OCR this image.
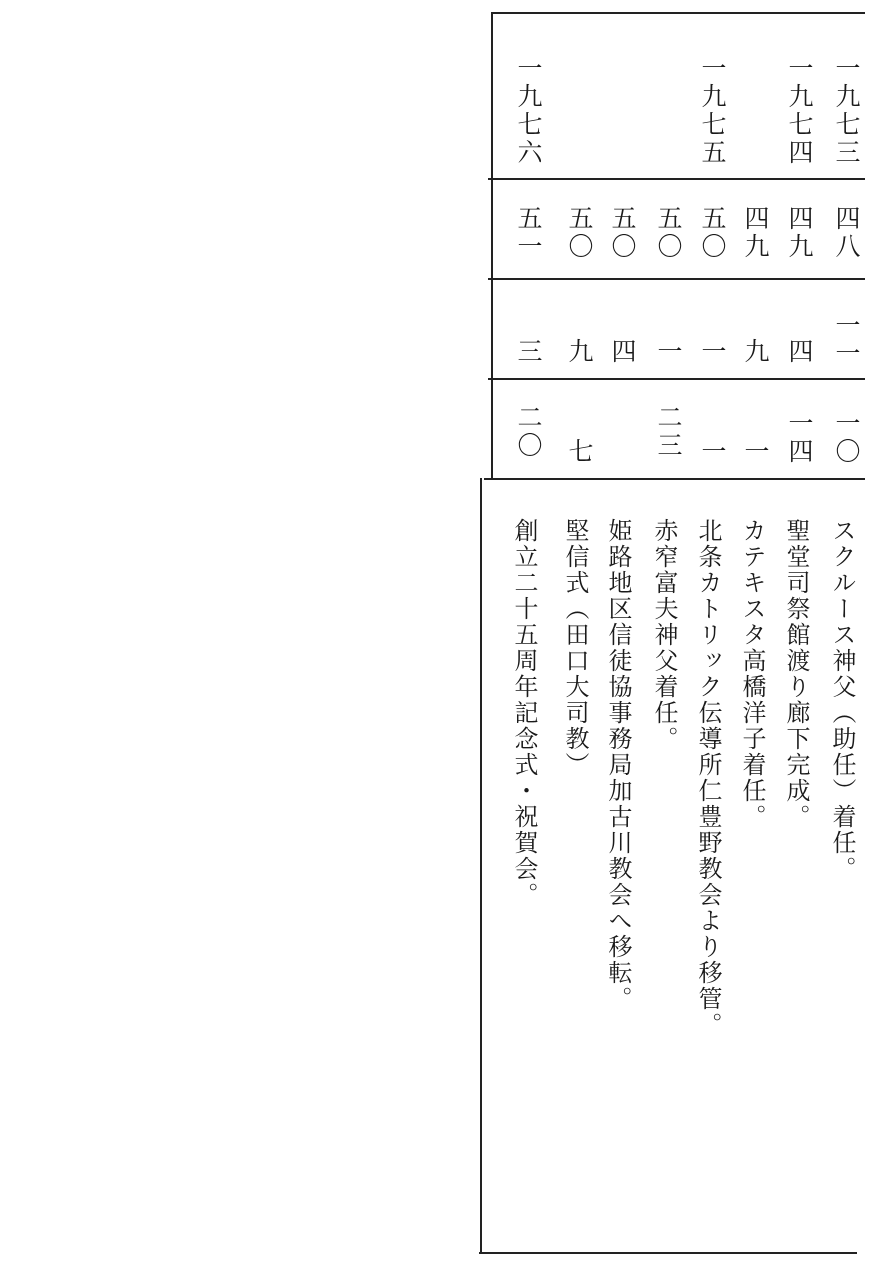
一九七三
四八
一一
一〇
スクルース神父（助任）着任。
一九七四
四九
四
一四
聖堂司祭館渡り廊下完成。
四九
九
一
カテキスタ高橋洋子着任。
一九七五
五〇
一
一
北条カトリック伝導所仁豊野教会より移管。
五〇
一
二三
赤窄富夫神父着任。
五〇
四
姫路地区信徒協事務局加古川教会へ移転。
五〇
九
七
堅信式（田口大司教）
一九七六
五一
三
二〇
創立二十五周年記念式・祝賀会。
